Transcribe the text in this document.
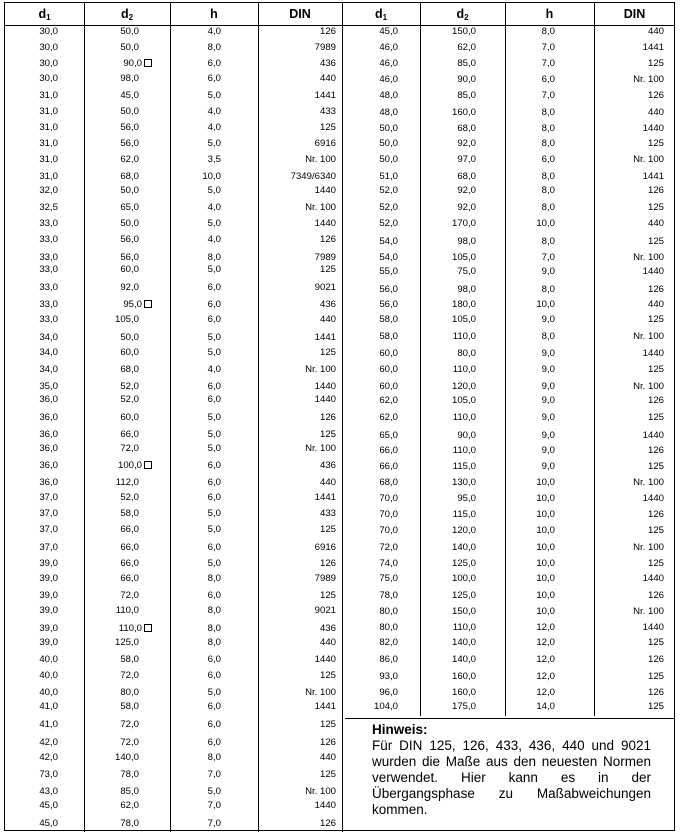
$d_1$	$d_2$	h	DIN	$d_1$	$d_2$	h	DIN
30,0	50,0	4,0	126
30,0	50,0	8,0	7989
30,0	90,0	6,0	436
30,0	98,0	6,0	440
31,0	45,0	5,0	1441
31,0	50,0	4,0	433
31,0	56,0	4,0	125
31,0	56,0	5,0	6916
31,0	62,0	3,5	Nr. 100
31,0	68,0	10,0	7349/6340
32,0	50,0	5,0	1440
32,5	65,0	4,0	Nr. 100
33,0	50,0	5,0	1440
33,0	56,0	4,0	126
33,0	56,0	8,0	7989
33,0	60,0	5,0	125
33,0	92,0	6,0	9021
33,0	95,0	6,0	436
33,0	105,0	6,0	440
34,0	50,0	5,0	1441
34,0	60,0	5,0	125
34,0	68,0	4,0	Nr. 100
35,0	52,0	6,0	1440
36,0	52,0	6,0	1440
36,0	60,0	5,0	126
36,0	66,0	5,0	125
36,0	72,0	5,0	Nr. 100
36,0	100,0	6,0	436
36,0	112,0	6,0	440
37,0	52,0	6,0	1441
37,0	58,0	5,0	433
37,0	66,0	5,0	125
37,0	66,0	6,0	6916
39,0	66,0	5,0	126
39,0	66,0	8,0	7989
39,0	72,0	6,0	125
39,0	110,0	8,0	9021
39,0	110,0	8,0	436
39,0	125,0	8,0	440
40,0	58,0	6,0	1440
40,0	72,0	6,0	125
40,0	80,0	5,0	Nr. 100
41,0	58,0	6,0	1441
41,0	72,0	6,0	125
42,0	72,0	6,0	126
42,0	140,0	8,0	440
73,0	78,0	7,0	125
43,0	85,0	5,0	Nr. 100
45,0	62,0	7,0	1440
45,0	78,0	7,0	126
45,0	150,0	8,0	440
46,0	62,0	7,0	1441
46,0	85,0	7,0	125
46,0	90,0	6,0	Nr. 100
48,0	85,0	7,0	126
48,0	160,0	8,0	440
50,0	68,0	8,0	1440
50,0	92,0	8,0	125
50,0	97,0	6,0	Nr. 100
51,0	68,0	8,0	1441
52,0	92,0	8,0	126
52,0	92,0	8,0	125
52,0	170,0	10,0	440
54,0	98,0	8,0	125
54,0	105,0	7,0	Nr. 100
55,0	75,0	9,0	1440
56,0	98,0	8,0	126
56,0	180,0	10,0	440
58,0	105,0	9,0	125
58,0	110,0	8,0	Nr. 100
60,0	80,0	9,0	1440
60,0	110,0	9,0	125
60,0	120,0	9,0	Nr. 100
62,0	105,0	9,0	126
62,0	110,0	9,0	125
65,0	90,0	9,0	1440
66,0	110,0	9,0	126
66,0	115,0	9,0	125
68,0	130,0	10,0	Nr. 100
70,0	95,0	10,0	1440
70,0	115,0	10,0	126
70,0	120,0	10,0	125
72,0	140,0	10,0	Nr. 100
74,0	125,0	10,0	125
75,0	100,0	10,0	1440
78,0	125,0	10,0	126
80,0	150,0	10,0	Nr. 100
80,0	110,0	12,0	1440
82,0	140,0	12,0	125
86,0	140,0	12,0	126
93,0	160,0	12,0	125
96,0	160,0	12,0	126
104,0	175,0	14,0	125
Hinweis:
Für DIN 125, 126, 433, 436, 440 und 9021 wurden die Maße aus den neuesten Normen verwendet. Hier kann es in der Übergangsphase zu Maßabweichungen kommen.
